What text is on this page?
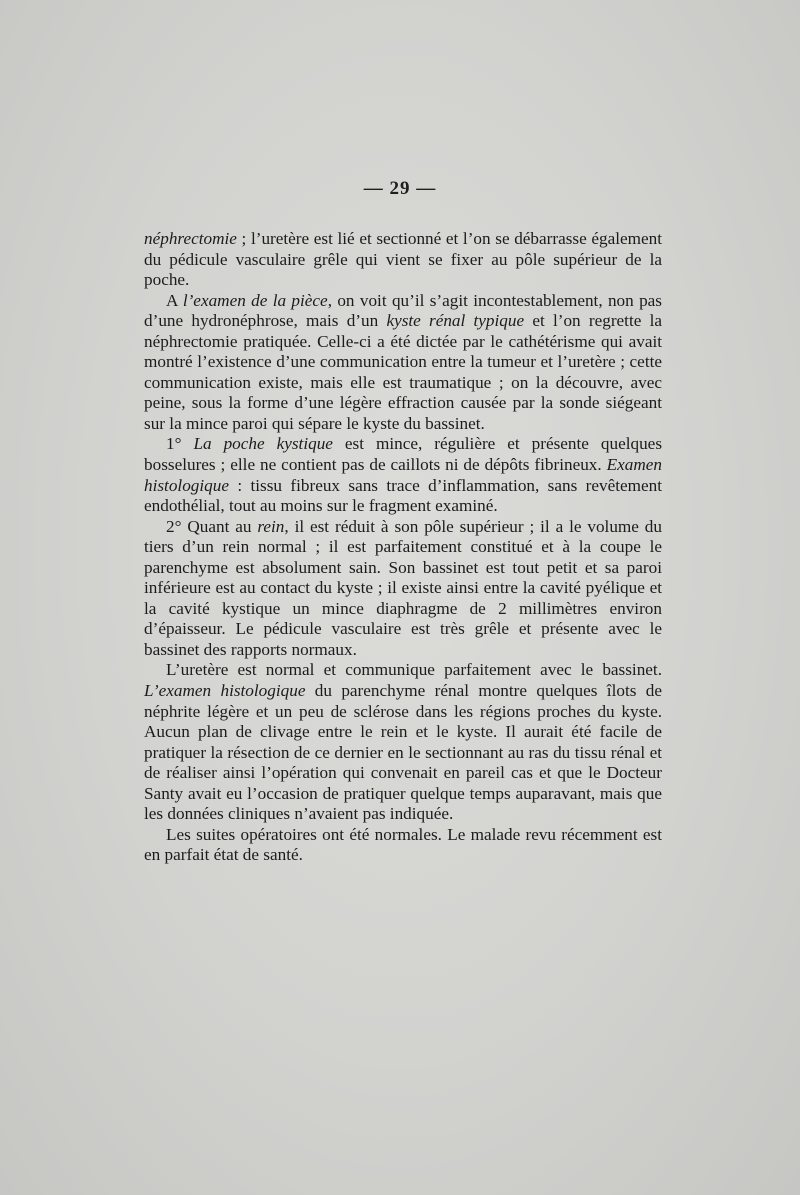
— 29 —

néphrectomie ; l’uretère est lié et sectionné et l’on se débarrasse également du pédicule vasculaire grêle qui vient se fixer au pôle supérieur de la poche.

A l’examen de la pièce, on voit qu’il s’agit incontestablement, non pas d’une hydronéphrose, mais d’un kyste rénal typique et l’on regrette la néphrectomie pratiquée. Celle-ci a été dictée par le cathétérisme qui avait montré l’existence d’une communication entre la tumeur et l’uretère ; cette communication existe, mais elle est traumatique ; on la découvre, avec peine, sous la forme d’une légère effraction causée par la sonde siégeant sur la mince paroi qui sépare le kyste du bassinet.

1° La poche kystique est mince, régulière et présente quelques bosselures ; elle ne contient pas de caillots ni de dépôts fibrineux. Examen histologique : tissu fibreux sans trace d’inflammation, sans revêtement endothélial, tout au moins sur le fragment examiné.

2° Quant au rein, il est réduit à son pôle supérieur ; il a le volume du tiers d’un rein normal ; il est parfaitement constitué et à la coupe le parenchyme est absolument sain. Son bassinet est tout petit et sa paroi inférieure est au contact du kyste ; il existe ainsi entre la cavité pyélique et la cavité kystique un mince diaphragme de 2 millimètres environ d’épaisseur. Le pédicule vasculaire est très grêle et présente avec le bassinet des rapports normaux.

L’uretère est normal et communique parfaitement avec le bassinet. L’examen histologique du parenchyme rénal montre quelques îlots de néphrite légère et un peu de sclérose dans les régions proches du kyste. Aucun plan de clivage entre le rein et le kyste. Il aurait été facile de pratiquer la résection de ce dernier en le sectionnant au ras du tissu rénal et de réaliser ainsi l’opération qui convenait en pareil cas et que le Docteur Santy avait eu l’occasion de pratiquer quelque temps auparavant, mais que les données cliniques n’avaient pas indiquée.

Les suites opératoires ont été normales. Le malade revu récemment est en parfait état de santé.
